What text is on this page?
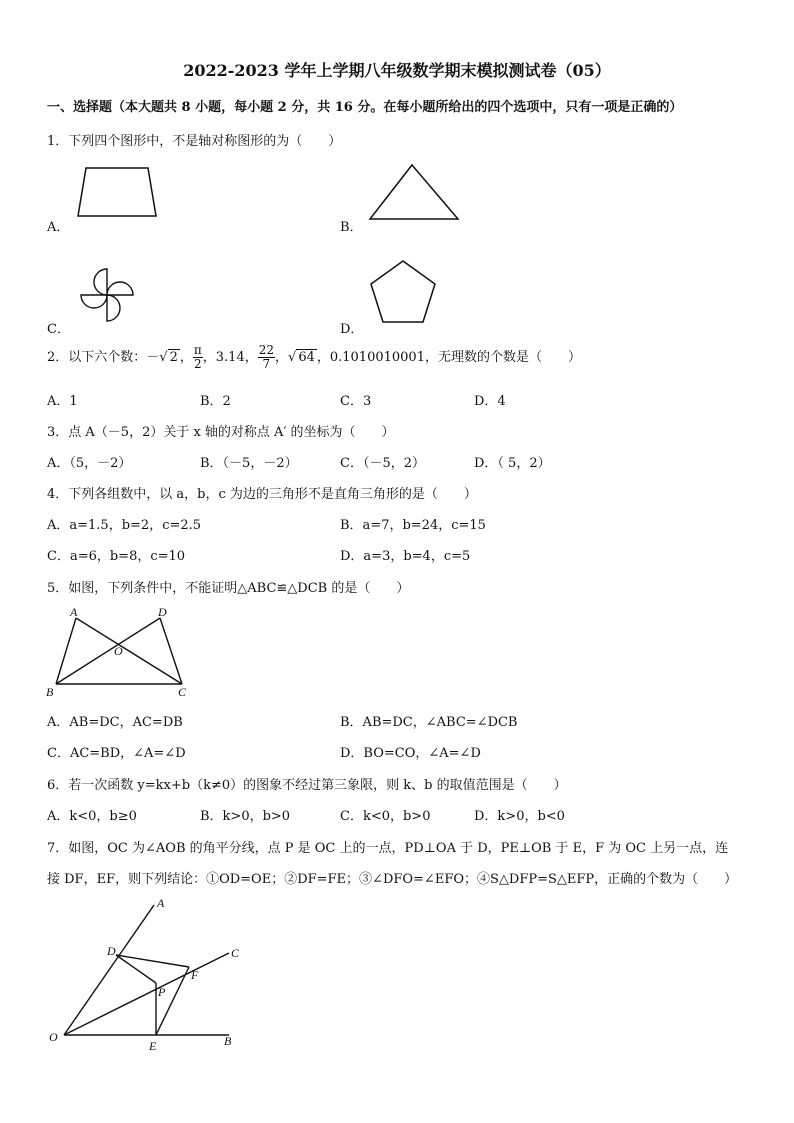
2022-2023 学年上学期八年级数学期末模拟测试卷（05）
一、选择题（本大题共 8 小题，每小题 2 分，共 16 分。在每小题所给出的四个选项中，只有一项是正确的）
1．下列四个图形中，不是轴对称图形的为（　　）
A．	B．
C．	D．
2．以下六个数：－√ 2 ， $\frac{\pi}{2}$ ，3.14， $\frac{22}{7}$ ，√ 64 ，0.1010010001，无理数的个数是（　　）
A．1	B．2	C．3	D．4
3．点 A（－5，2）关于 x 轴的对称点 A′ 的坐标为（　　）
A．（5，－2）	B．（－5，－2）	C．（－5，2）	D．（ 5，2）
4．下列各组数中，以 a，b，c 为边的三角形不是直角三角形的是（　　）
A．a=1.5，b=2，c=2.5	B．a=7，b=24，c=15
C．a=6，b=8，c=10	D．a=3，b=4，c=5
5．如图，下列条件中，不能证明△ABC≌△DCB 的是（　　）
A	D
O
B	C
A．AB=DC，AC=DB	B．AB=DC，∠ABC=∠DCB
C．AC=BD，∠A=∠D	D．BO=CO，∠A=∠D
6．若一次函数 y=kx+b（k≠0）的图象不经过第三象限，则 k、b 的取值范围是（　　）
A．k<0，b≥0	B．k>0，b>0	C．k<0，b>0	D．k>0，b<0
7．如图，OC 为∠AOB 的角平分线，点 P 是 OC 上的一点，PD⊥OA 于 D，PE⊥OB 于 E，F 为 OC 上另一点，连
接 DF，EF，则下列结论：①OD=OE；②DF=FE；③∠DFO=∠EFO；④S△DFP=S△EFP，正确的个数为（　　）
A
C
D
F
P
O
E	B
